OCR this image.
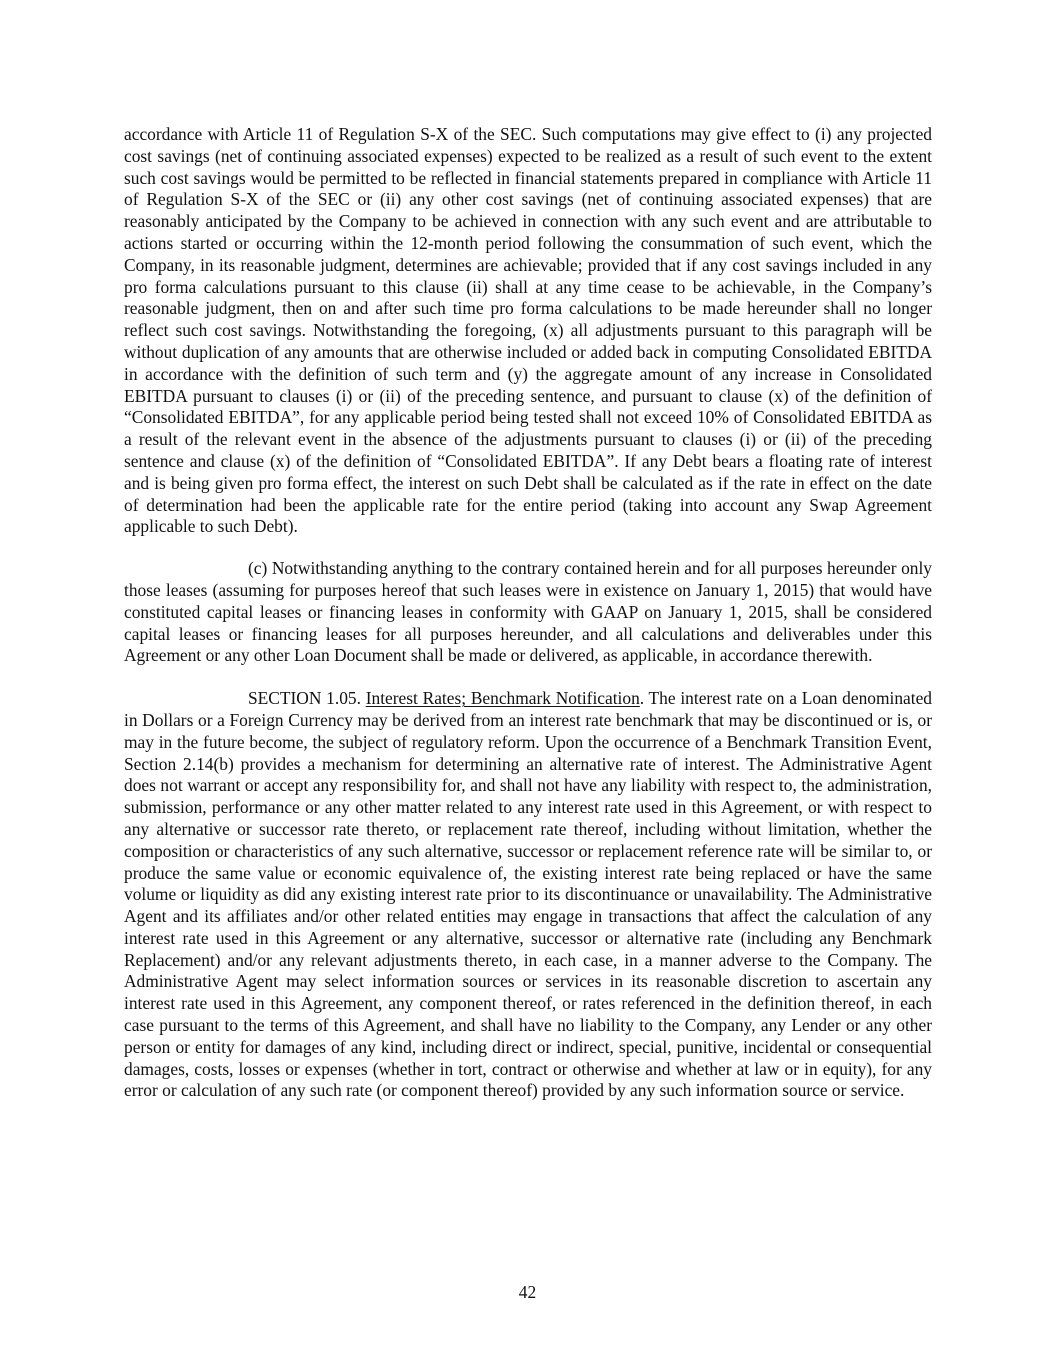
accordance with Article 11 of Regulation S-X of the SEC. Such computations may give effect to (i) any projected cost savings (net of continuing associated expenses) expected to be realized as a result of such event to the extent such cost savings would be permitted to be reflected in financial statements prepared in compliance with Article 11 of Regulation S-X of the SEC or (ii) any other cost savings (net of continuing associated expenses) that are reasonably anticipated by the Company to be achieved in connection with any such event and are attributable to actions started or occurring within the 12-month period following the consummation of such event, which the Company, in its reasonable judgment, determines are achievable; provided that if any cost savings included in any pro forma calculations pursuant to this clause (ii) shall at any time cease to be achievable, in the Company’s reasonable judgment, then on and after such time pro forma calculations to be made hereunder shall no longer reflect such cost savings. Notwithstanding the foregoing, (x) all adjustments pursuant to this paragraph will be without duplication of any amounts that are otherwise included or added back in computing Consolidated EBITDA in accordance with the definition of such term and (y) the aggregate amount of any increase in Consolidated EBITDA pursuant to clauses (i) or (ii) of the preceding sentence, and pursuant to clause (x) of the definition of “Consolidated EBITDA”, for any applicable period being tested shall not exceed 10% of Consolidated EBITDA as a result of the relevant event in the absence of the adjustments pursuant to clauses (i) or (ii) of the preceding sentence and clause (x) of the definition of “Consolidated EBITDA”. If any Debt bears a floating rate of interest and is being given pro forma effect, the interest on such Debt shall be calculated as if the rate in effect on the date of determination had been the applicable rate for the entire period (taking into account any Swap Agreement applicable to such Debt).

(c) Notwithstanding anything to the contrary contained herein and for all purposes hereunder only those leases (assuming for purposes hereof that such leases were in existence on January 1, 2015) that would have constituted capital leases or financing leases in conformity with GAAP on January 1, 2015, shall be considered capital leases or financing leases for all purposes hereunder, and all calculations and deliverables under this Agreement or any other Loan Document shall be made or delivered, as applicable, in accordance therewith.

SECTION 1.05. Interest Rates; Benchmark Notification. The interest rate on a Loan denominated in Dollars or a Foreign Currency may be derived from an interest rate benchmark that may be discontinued or is, or may in the future become, the subject of regulatory reform. Upon the occurrence of a Benchmark Transition Event, Section 2.14(b) provides a mechanism for determining an alternative rate of interest. The Administrative Agent does not warrant or accept any responsibility for, and shall not have any liability with respect to, the administration, submission, performance or any other matter related to any interest rate used in this Agreement, or with respect to any alternative or successor rate thereto, or replacement rate thereof, including without limitation, whether the composition or characteristics of any such alternative, successor or replacement reference rate will be similar to, or produce the same value or economic equivalence of, the existing interest rate being replaced or have the same volume or liquidity as did any existing interest rate prior to its discontinuance or unavailability. The Administrative Agent and its affiliates and/or other related entities may engage in transactions that affect the calculation of any interest rate used in this Agreement or any alternative, successor or alternative rate (including any Benchmark Replacement) and/or any relevant adjustments thereto, in each case, in a manner adverse to the Company. The Administrative Agent may select information sources or services in its reasonable discretion to ascertain any interest rate used in this Agreement, any component thereof, or rates referenced in the definition thereof, in each case pursuant to the terms of this Agreement, and shall have no liability to the Company, any Lender or any other person or entity for damages of any kind, including direct or indirect, special, punitive, incidental or consequential damages, costs, losses or expenses (whether in tort, contract or otherwise and whether at law or in equity), for any error or calculation of any such rate (or component thereof) provided by any such information source or service.

42
